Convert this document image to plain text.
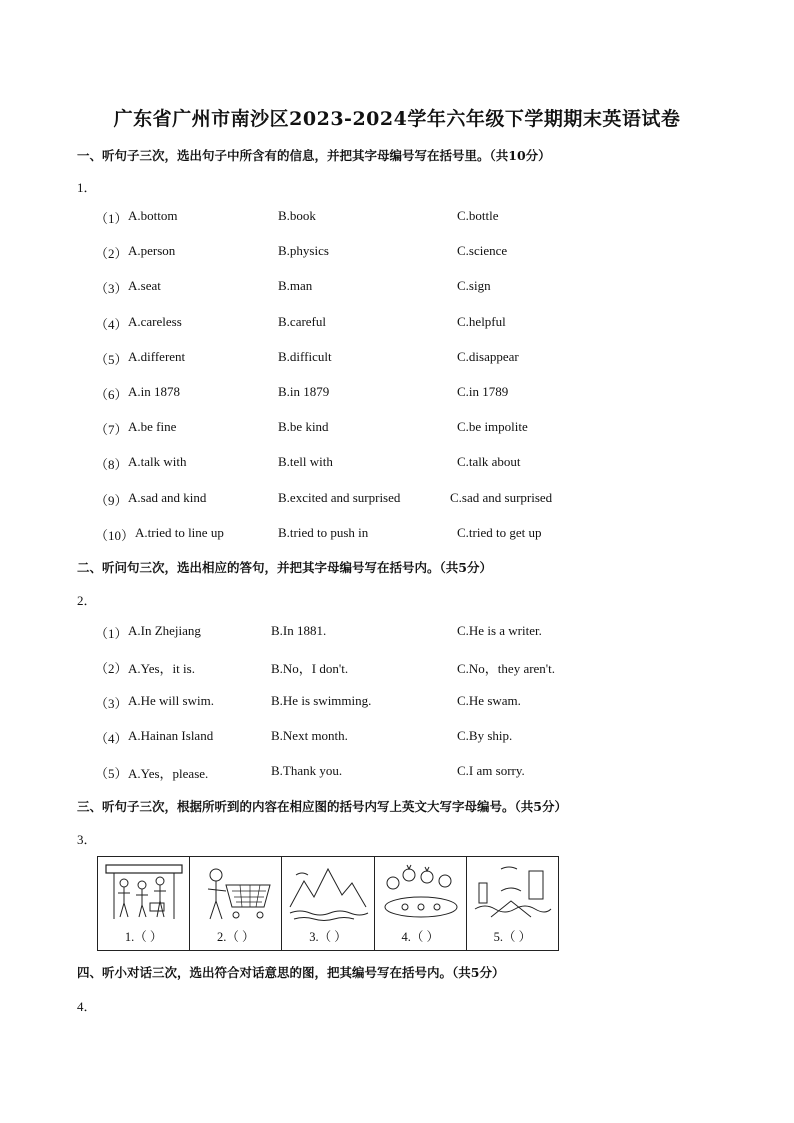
广东省广州市南沙区2023-2024学年六年级下学期期末英语试卷
一、听句子三次，选出句子中所含有的信息，并把其字母编号写在括号里。（共10分）
1．
（1） A.bottom	B.book	C.bottle
（2） A.person	B.physics	C.science
（3） A.seat	B.man	C.sign
（4） A.careless	B.careful	C.helpful
（5） A.different	B.difficult	C.disappear
（6） A.in 1878	B.in 1879	C.in 1789
（7） A.be fine	B.be kind	C.be impolite
（8） A.talk with	B.tell with	C.talk about
（9） A.sad and kind	B.excited and surprised	C.sad and surprised
（10） A.tried to line up	B.tried to push in	C.tried to get up
二、听问句三次，选出相应的答句，并把其字母编号写在括号内。（共5分）
2．
（1） A.In Zhejiang	B.In 1881.	C.He is a writer.
（2） A.Yes，it is.	B.No，I don't.	C.No，they aren't.
（3） A.He will swim.	B.He is swimming.	C.He swam.
（4） A.Hainan Island	B.Next month.	C.By ship.
（5） A.Yes，please.	B.Thank you.	C.I am sorry.
三、听句子三次，根据所听到的内容在相应图的括号内写上英文大写字母编号。（共5分）
3．
1.（ ）	2.（ ）	3.（ ）	4.（ ）	5.（ ）
四、听小对话三次，选出符合对话意思的图，把其编号写在括号内。（共5分）
4．
